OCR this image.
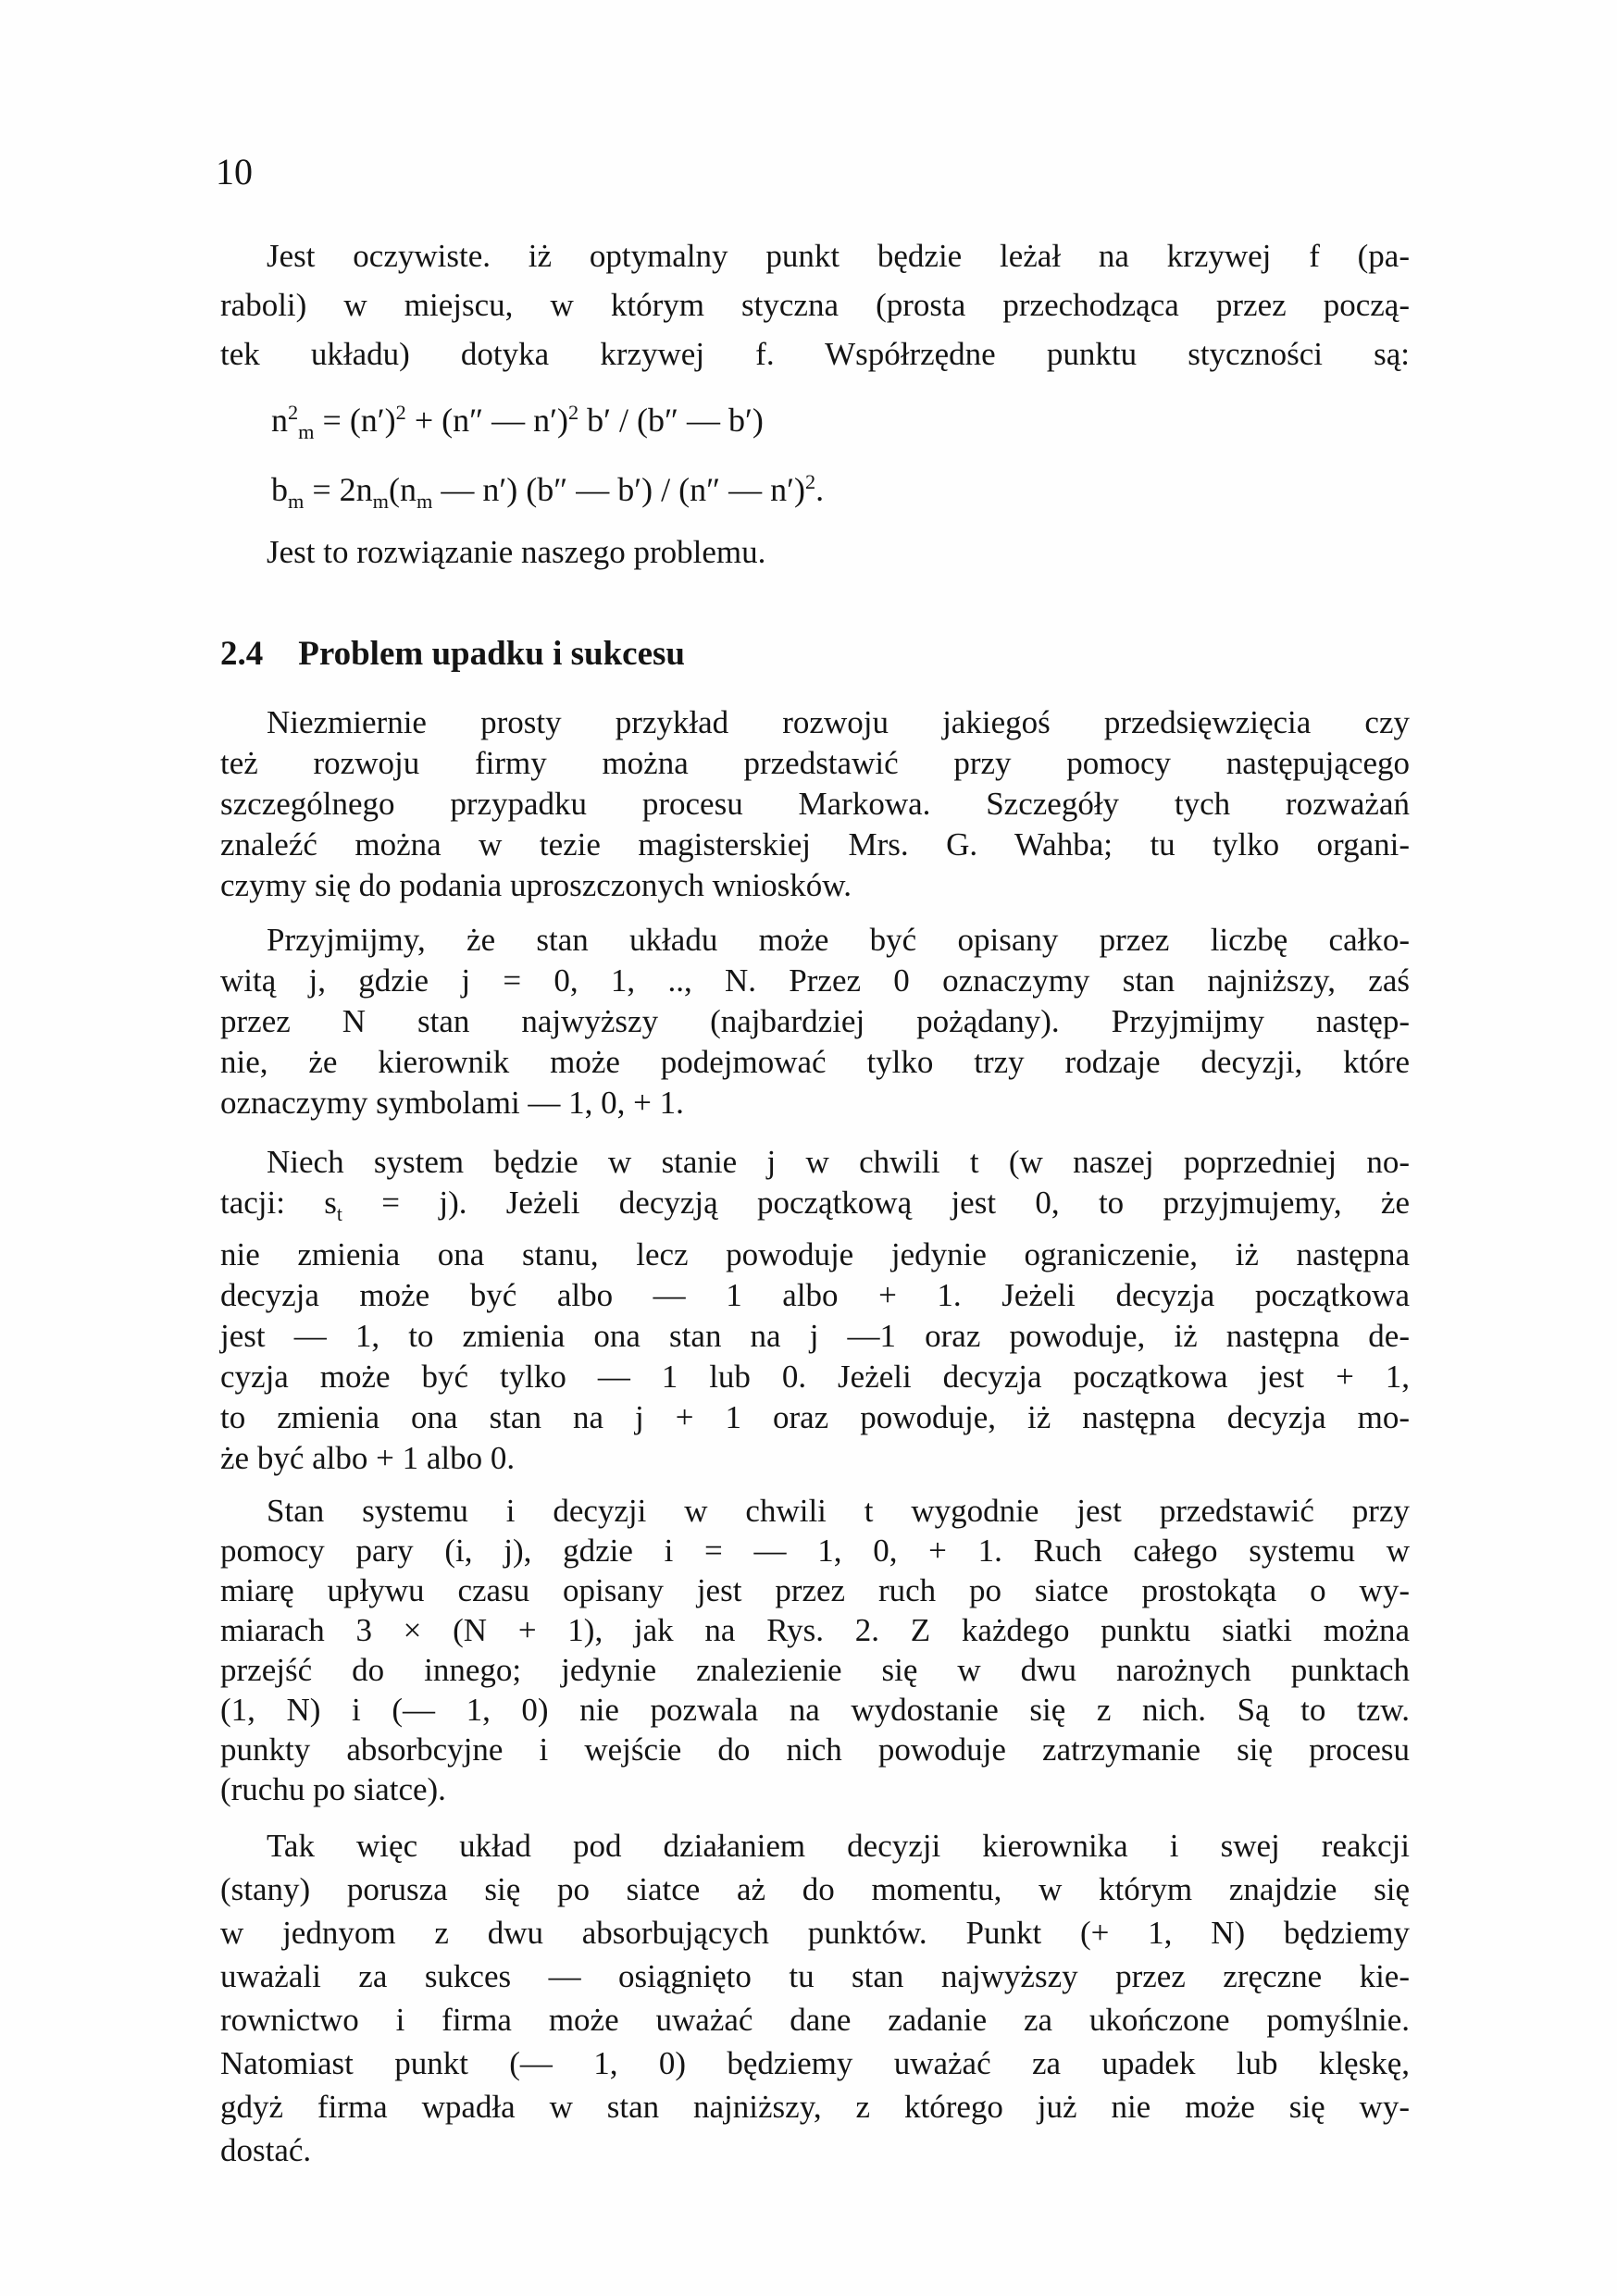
10
Jest oczywiste. iż optymalny punkt będzie leżał na krzywej f (pa-
raboli) w miejscu, w którym styczna (prosta przechodząca przez począ-
tek układu) dotyka krzywej f. Współrzędne punktu styczności są:
$n^2_m = (n')^2 + (n''$ — n′)$^2$ b′ / (b″ — b′)
$b_m = 2n_m(n_m$ — n′) (b″ — b′) / (n″ — n′)$^2$.
Jest to rozwiązanie naszego problemu.
2.4 Problem upadku i sukcesu
Niezmiernie prosty przykład rozwoju jakiegoś przedsięwzięcia czy
też rozwoju firmy można przedstawić przy pomocy następującego
szczególnego przypadku procesu Markowa. Szczegóły tych rozważań
znaleźć można w tezie magisterskiej Mrs. G. Wahba; tu tylko organi-
czymy się do podania uproszczonych wniosków.
Przyjmijmy, że stan układu może być opisany przez liczbę całko-
witą j, gdzie j = 0, 1, .., N. Przez 0 oznaczymy stan najniższy, zaś
przez N stan najwyższy (najbardziej pożądany). Przyjmijmy następ-
nie, że kierownik może podejmować tylko trzy rodzaje decyzji, które
oznaczymy symbolami — 1, 0, + 1.
Niech system będzie w stanie j w chwili t (w naszej poprzedniej no-
tacji: $s_t = j$). Jeżeli decyzją początkową jest 0, to przyjmujemy, że
nie zmienia ona stanu, lecz powoduje jedynie ograniczenie, iż następna
decyzja może być albo — 1 albo + 1. Jeżeli decyzja początkowa
jest — 1, to zmienia ona stan na j —1 oraz powoduje, iż następna de-
cyzja może być tylko — 1 lub 0. Jeżeli decyzja początkowa jest + 1,
to zmienia ona stan na j + 1 oraz powoduje, iż następna decyzja mo-
że być albo + 1 albo 0.
Stan systemu i decyzji w chwili t wygodnie jest przedstawić przy
pomocy pary (i, j), gdzie i = — 1, 0, + 1. Ruch całego systemu w
miarę upływu czasu opisany jest przez ruch po siatce prostokąta o wy-
miarach 3 × (N + 1), jak na Rys. 2. Z każdego punktu siatki można
przejść do innego; jedynie znalezienie się w dwu narożnych punktach
(1, N) i (— 1, 0) nie pozwala na wydostanie się z nich. Są to tzw.
punkty absorbcyjne i wejście do nich powoduje zatrzymanie się procesu
(ruchu po siatce).
Tak więc układ pod działaniem decyzji kierownika i swej reakcji
(stany) porusza się po siatce aż do momentu, w którym znajdzie się
w jednyom z dwu absorbujących punktów. Punkt (+ 1, N) będziemy
uważali za sukces — osiągnięto tu stan najwyższy przez zręczne kie-
rownictwo i firma może uważać dane zadanie za ukończone pomyślnie.
Natomiast punkt (— 1, 0) będziemy uważać za upadek lub klęskę,
gdyż firma wpadła w stan najniższy, z którego już nie może się wy-
dostać.
